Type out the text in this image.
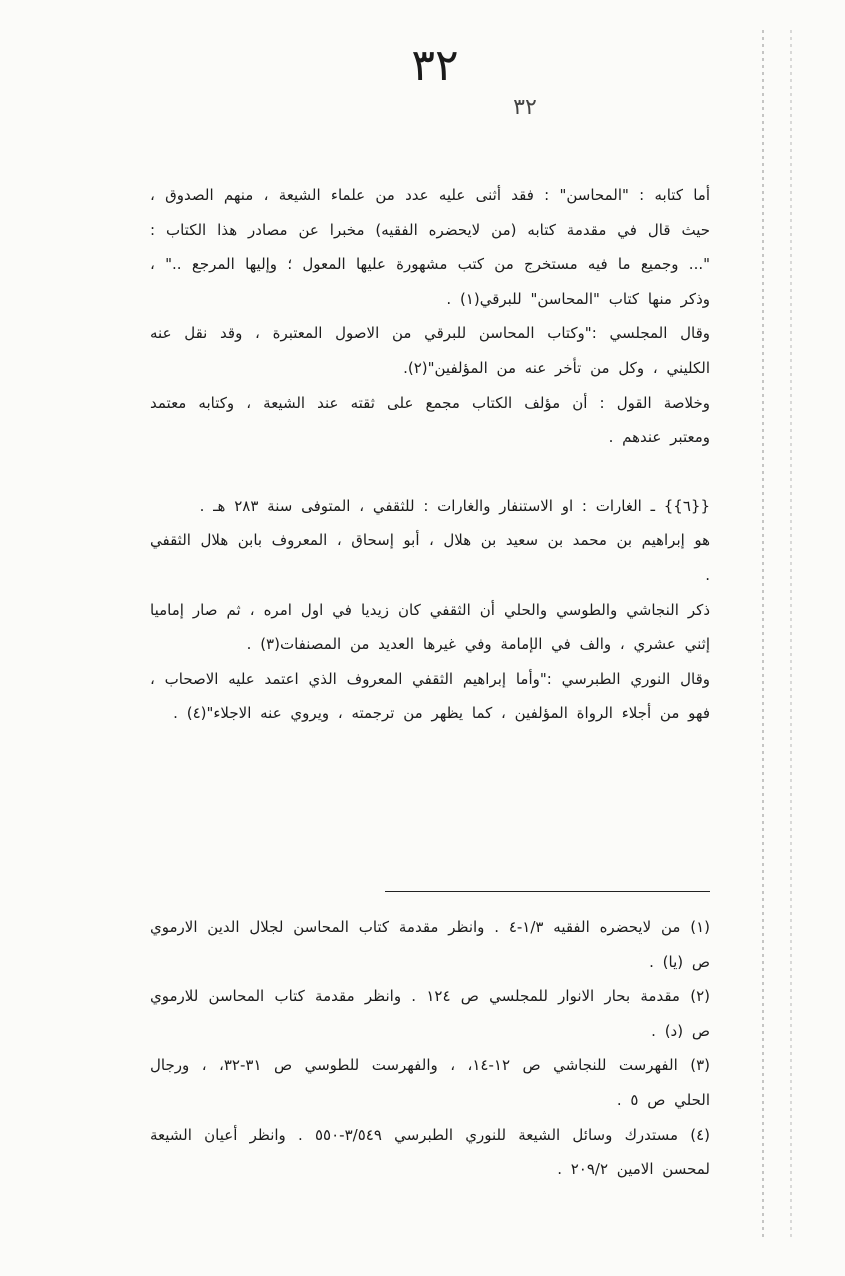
٣٢
٣٢

أما كتابه : "المحاسن" : فقد أثنى عليه عدد من علماء الشيعة ، منهم الصدوق ، حيث قال في مقدمة كتابه (من لايحضره الفقيه) مخبرا عن مصادر هذا الكتاب : "... وجميع ما فيه مستخرج من كتب مشهورة عليها المعول ؛ وإليها المرجع .." ، وذكر منها كتاب "المحاسن" للبرقي(١) .

وقال المجلسي :"وكتاب المحاسن للبرقي من الاصول المعتبرة ، وقد نقل عنه الكليني ، وكل من تأخر عنه من المؤلفين"(٢).

وخلاصة القول : أن مؤلف الكتاب مجمع على ثقته عند الشيعة ، وكتابه معتمد ومعتبر عندهم .

{{٦}} ـ الغارات : او الاستنفار والغارات : للثقفي ، المتوفى سنة ٢٨٣ هـ .

هو إبراهيم بن محمد بن سعيد بن هلال ، أبو إسحاق ، المعروف بابن هلال الثقفي .

ذكر النجاشي والطوسي والحلي أن الثقفي كان زيديا في اول امره ، ثم صار إماميا إثني عشري ، والف في الإمامة وفي غيرها العديد من المصنفات(٣) .

وقال النوري الطبرسي :"وأما إبراهيم الثقفي المعروف الذي اعتمد عليه الاصحاب ، فهو من أجلاء الرواة المؤلفين ، كما يظهر من ترجمته ، ويروي عنه الاجلاء"(٤) .

(١) من لايحضره الفقيه ١/٣-٤ . وانظر مقدمة كتاب المحاسن لجلال الدين الارموي ص (يا) .

(٢) مقدمة بحار الانوار للمجلسي ص ١٢٤ . وانظر مقدمة كتاب المحاسن للارموي ص (د) .

(٣) الفهرست للنجاشي ص ١٢-١٤، ، والفهرست للطوسي ص ٣١-٣٢، ، ورجال الحلي ص ٥ .

(٤) مستدرك وسائل الشيعة للنوري الطبرسي ٣/٥٤٩-٥٥٠ . وانظر أعيان الشيعة لمحسن الامين ٢٠٩/٢ .
